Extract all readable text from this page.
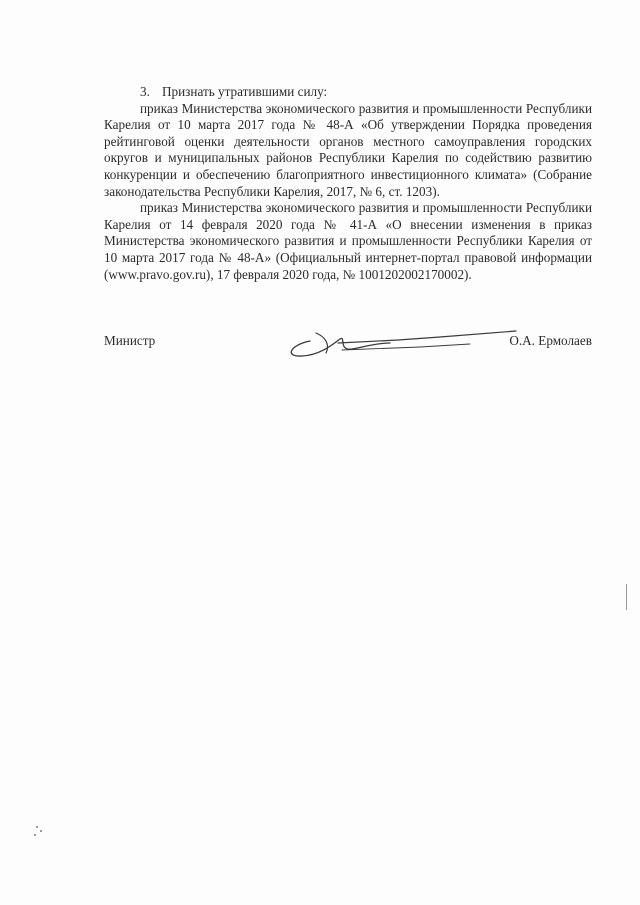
3. Признать утратившими силу:

приказ Министерства экономического развития и промышленности Республики Карелия от 10 марта 2017 года № 48-А «Об утверждении Порядка проведения рейтинговой оценки деятельности органов местного самоуправления городских округов и муниципальных районов Республики Карелия по содействию развитию конкуренции и обеспечению благоприятного инвестиционного климата» (Собрание законодательства Республики Карелия, 2017, № 6, ст. 1203).

приказ Министерства экономического развития и промышленности Республики Карелия от 14 февраля 2020 года № 41-А «О внесении изменения в приказ Министерства экономического развития и промышленности Республики Карелия от 10 марта 2017 года № 48-А» (Официальный интернет-портал правовой информации (www.pravo.gov.ru), 17 февраля 2020 года, № 1001202002170002).

Министр	О.А. Ермолаев
